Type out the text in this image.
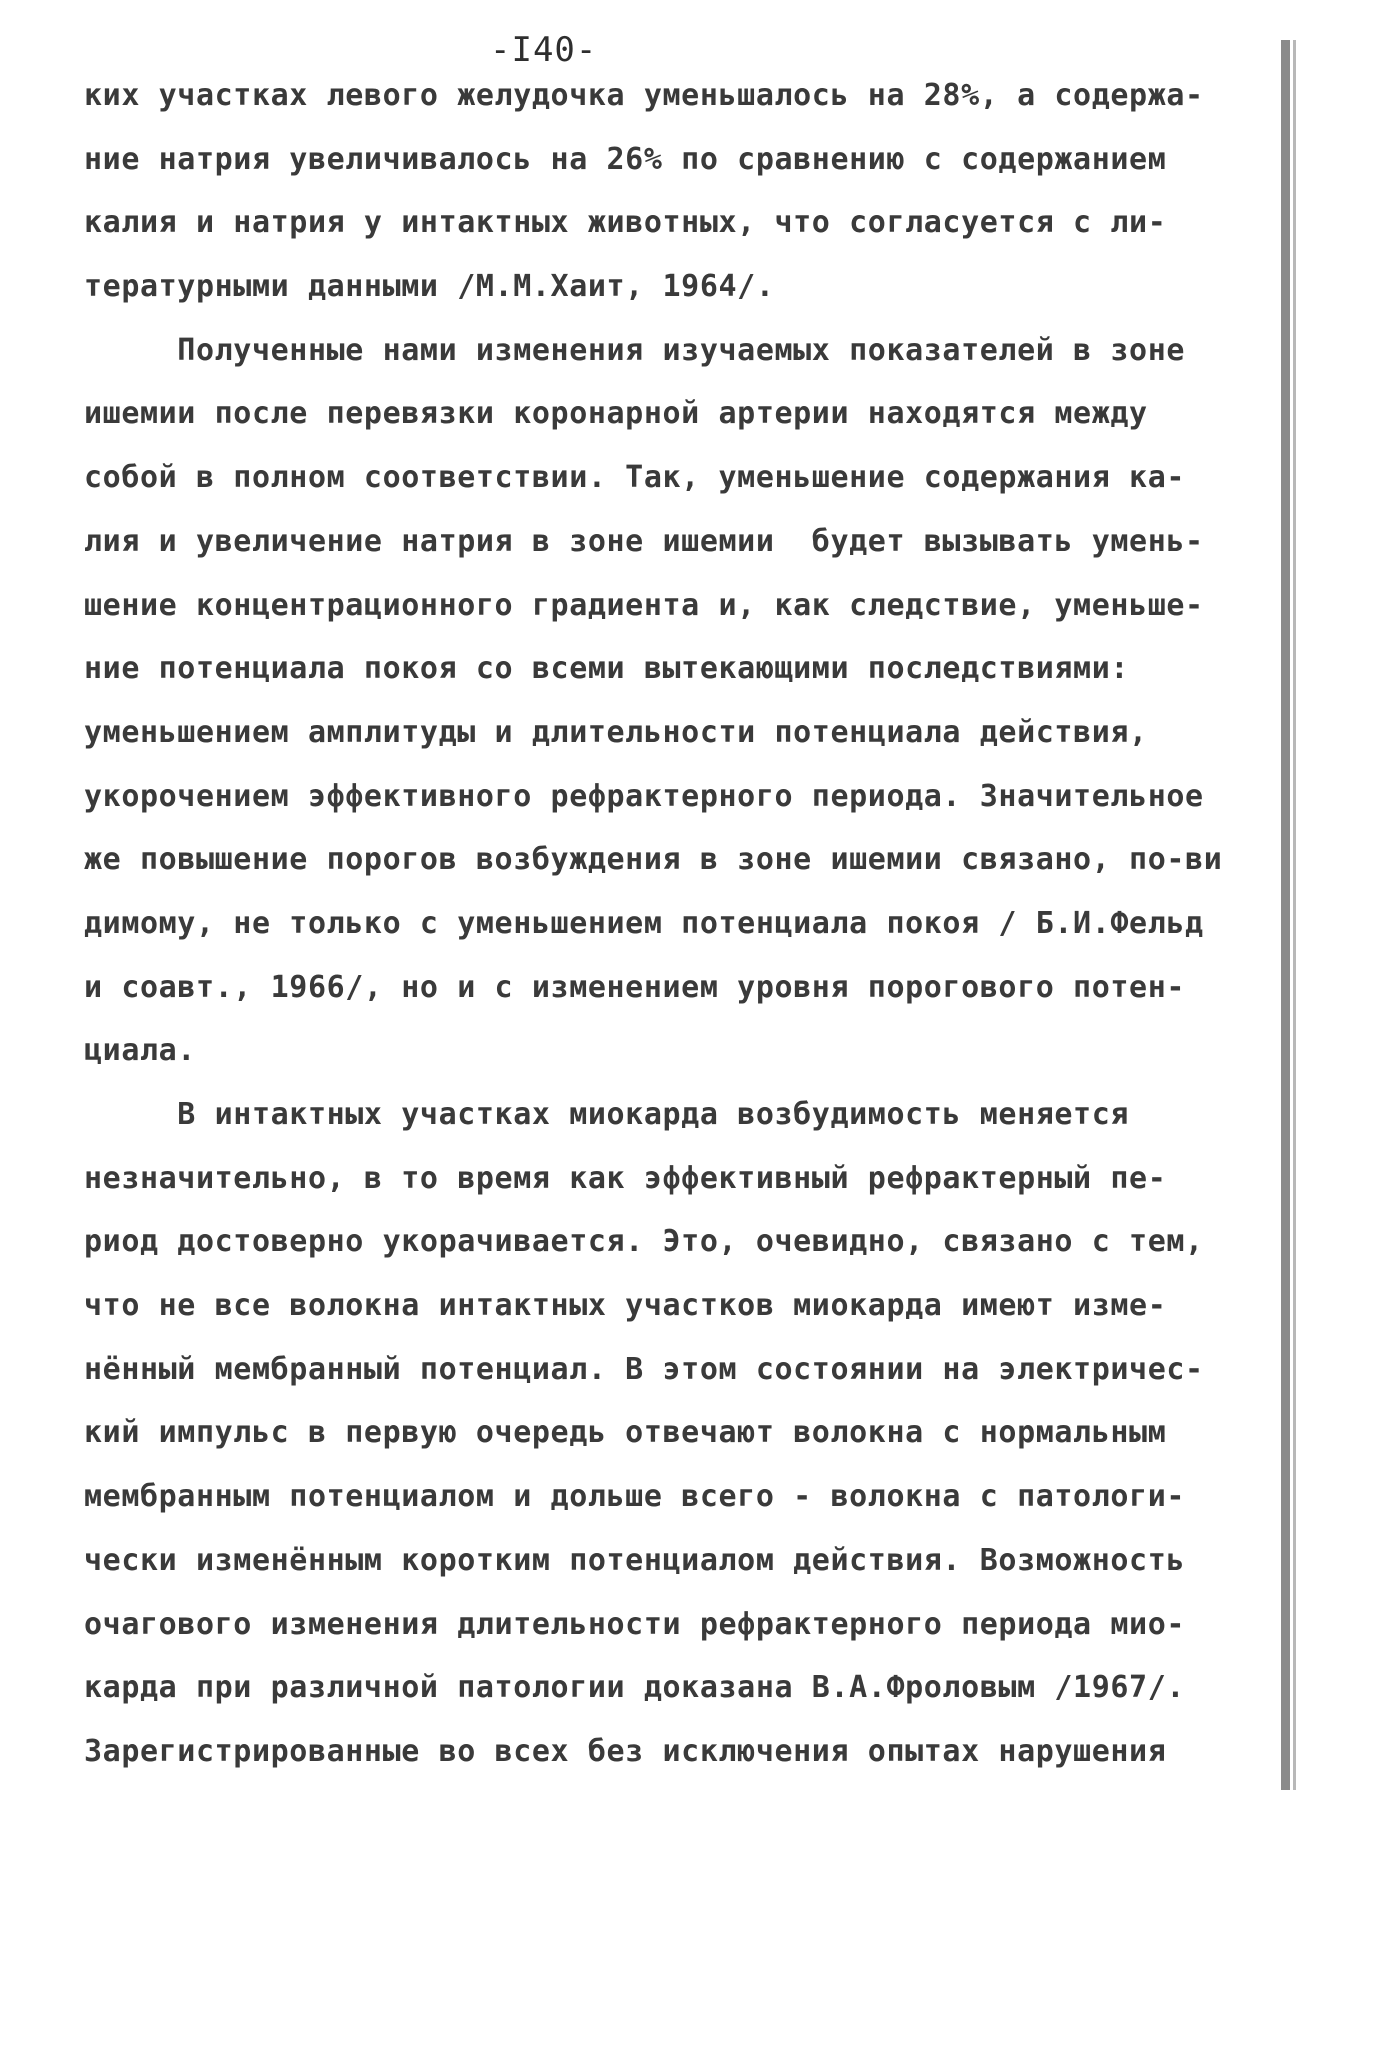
-I40-
ких участках левого желудочка уменьшалось на 28%, а содержа-
ние натрия увеличивалось на 26% по сравнению с содержанием
калия и натрия у интактных животных, что согласуется с ли-
тературными данными /М.М.Хаит, 1964/.
Полученные нами изменения изучаемых показателей в зоне
ишемии после перевязки коронарной артерии находятся между
собой в полном соответствии. Так, уменьшение содержания ка-
лия и увеличение натрия в зоне ишемии  будет вызывать умень-
шение концентрационного градиента и, как следствие, уменьше-
ние потенциала покоя со всеми вытекающими последствиями:
уменьшением амплитуды и длительности потенциала действия,
укорочением эффективного рефрактерного периода. Значительное
же повышение порогов возбуждения в зоне ишемии связано, по-ви
димому, не только с уменьшением потенциала покоя / Б.И.Фельд
и соавт., 1966/, но и с изменением уровня порогового потен-
циала.
В интактных участках миокарда возбудимость меняется
незначительно, в то время как эффективный рефрактерный пе-
риод достоверно укорачивается. Это, очевидно, связано с тем,
что не все волокна интактных участков миокарда имеют изме-
нённый мембранный потенциал. В этом состоянии на электричес-
кий импульс в первую очередь отвечают волокна с нормальным
мембранным потенциалом и дольше всего - волокна с патологи-
чески изменённым коротким потенциалом действия. Возможность
очагового изменения длительности рефрактерного периода мио-
карда при различной патологии доказана В.А.Фроловым /1967/.
Зарегистрированные во всех без исключения опытах нарушения
